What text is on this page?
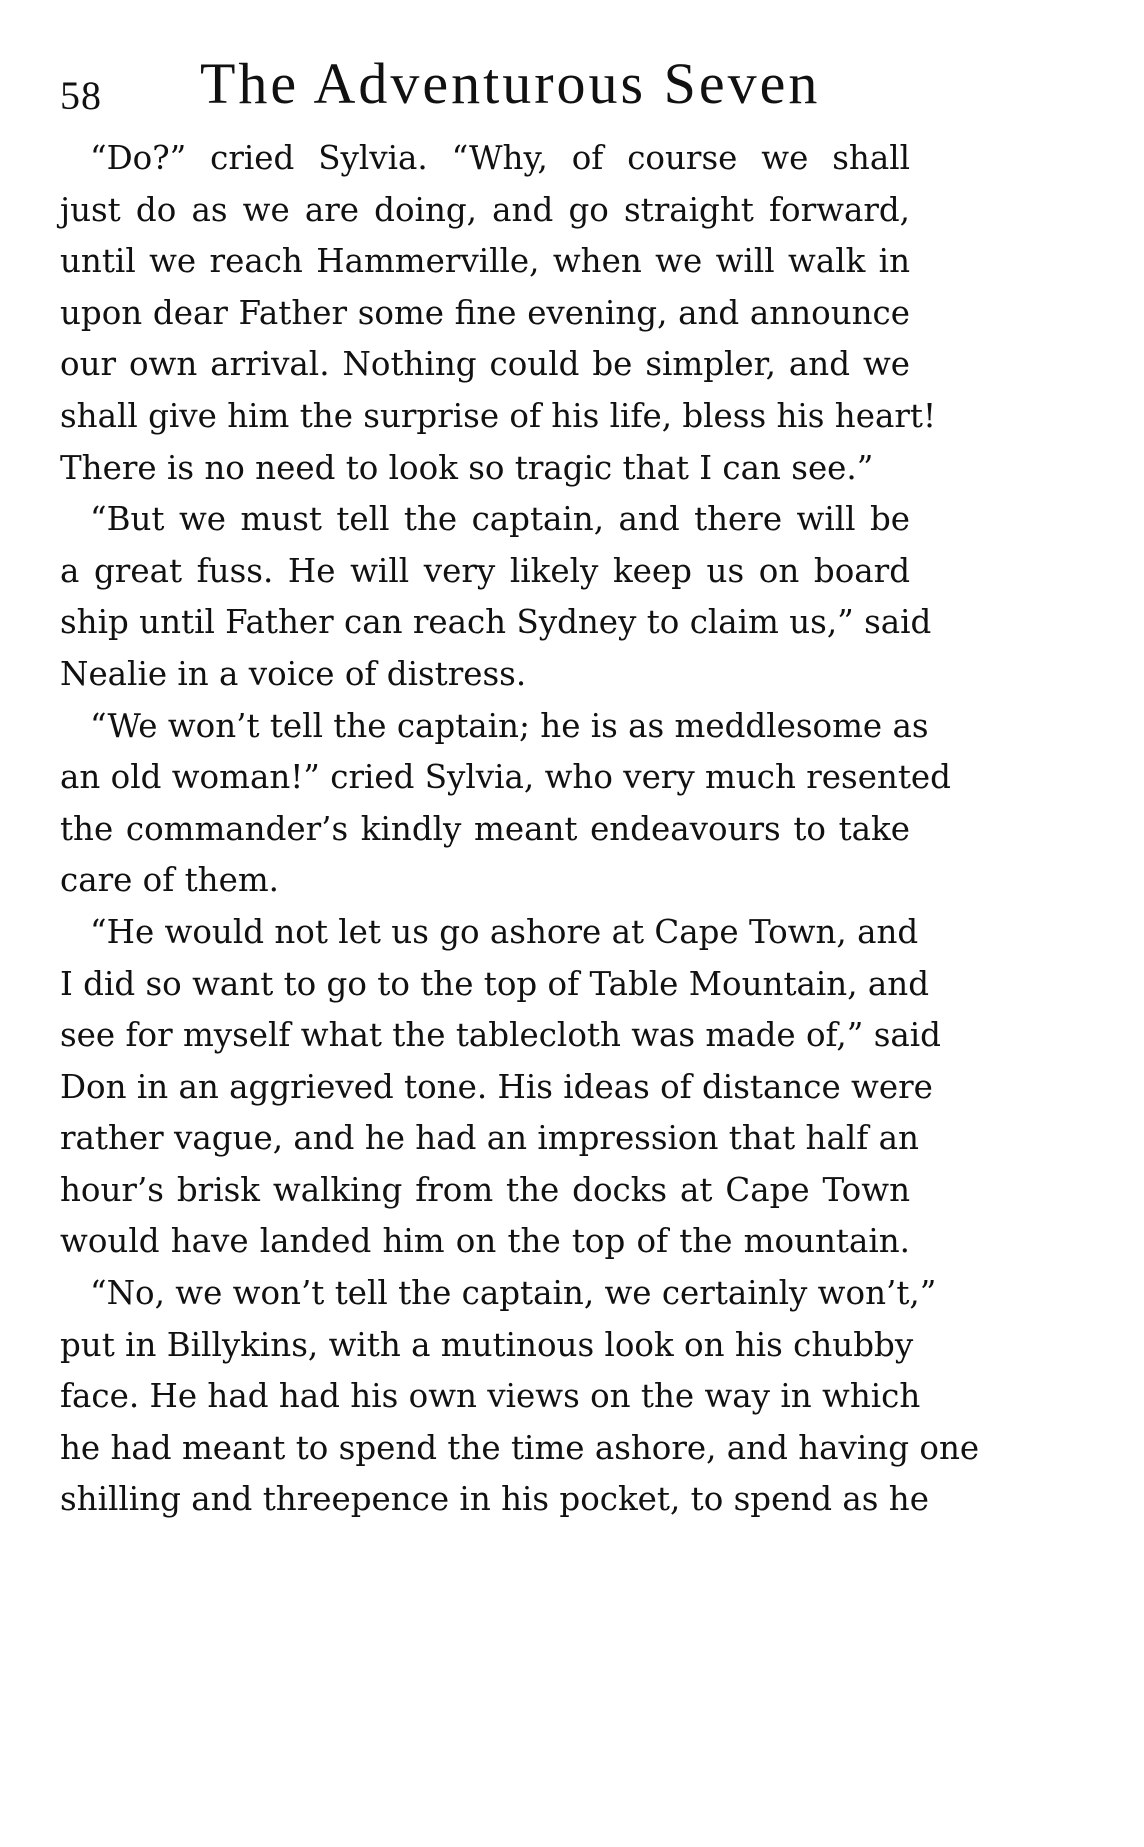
58 The Adventurous Seven
“Do?” cried Sylvia. “Why, of course we shall
just do as we are doing, and go straight forward,
until we reach Hammerville, when we will walk in
upon dear Father some fine evening, and announce
our own arrival. Nothing could be simpler, and we
shall give him the surprise of his life, bless his heart!
There is no need to look so tragic that I can see.”
“But we must tell the captain, and there will be
a great fuss. He will very likely keep us on board
ship until Father can reach Sydney to claim us,” said
Nealie in a voice of distress.
“We won’t tell the captain; he is as meddlesome as
an old woman!” cried Sylvia, who very much resented
the commander’s kindly meant endeavours to take
care of them.
“He would not let us go ashore at Cape Town, and
I did so want to go to the top of Table Mountain, and
see for myself what the tablecloth was made of,” said
Don in an aggrieved tone. His ideas of distance were
rather vague, and he had an impression that half an
hour’s brisk walking from the docks at Cape Town
would have landed him on the top of the mountain.
“No, we won’t tell the captain, we certainly won’t,”
put in Billykins, with a mutinous look on his chubby
face. He had had his own views on the way in which
he had meant to spend the time ashore, and having one
shilling and threepence in his pocket, to spend as he
